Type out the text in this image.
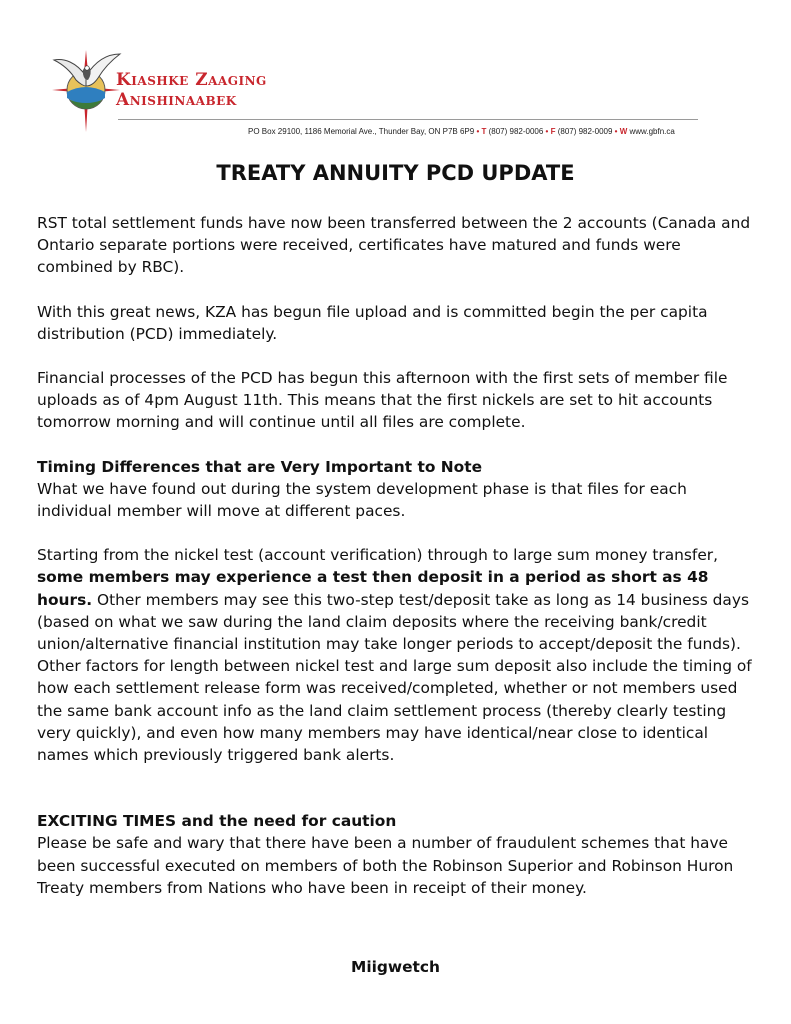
Kiashke Zaaging
Anishinaabek
PO Box 29100, 1186 Memorial Ave., Thunder Bay, ON P7B 6P9 • T (807) 982-0006 • F (807) 982-0009 • W www.gbfn.ca
TREATY ANNUITY PCD UPDATE

RST total settlement funds have now been transferred between the 2 accounts (Canada and Ontario separate portions were received, certificates have matured and funds were combined by RBC).

With this great news, KZA has begun file upload and is committed begin the per capita distribution (PCD) immediately.

Financial processes of the PCD has begun this afternoon with the first sets of member file uploads as of 4pm August 11th. This means that the first nickels are set to hit accounts tomorrow morning and will continue until all files are complete.

Timing Differences that are Very Important to Note

What we have found out during the system development phase is that files for each individual member will move at different paces.

Starting from the nickel test (account verification) through to large sum money transfer, some members may experience a test then deposit in a period as short as 48 hours. Other members may see this two-step test/deposit take as long as 14 business days (based on what we saw during the land claim deposits where the receiving bank/credit union/alternative financial institution may take longer periods to accept/deposit the funds). Other factors for length between nickel test and large sum deposit also include the timing of how each settlement release form was received/completed, whether or not members used the same bank account info as the land claim settlement process (thereby clearly testing very quickly), and even how many members may have identical/near close to identical names which previously triggered bank alerts.

EXCITING TIMES and the need for caution

Please be safe and wary that there have been a number of fraudulent schemes that have been successful executed on members of both the Robinson Superior and Robinson Huron Treaty members from Nations who have been in receipt of their money.

Miigwetch
